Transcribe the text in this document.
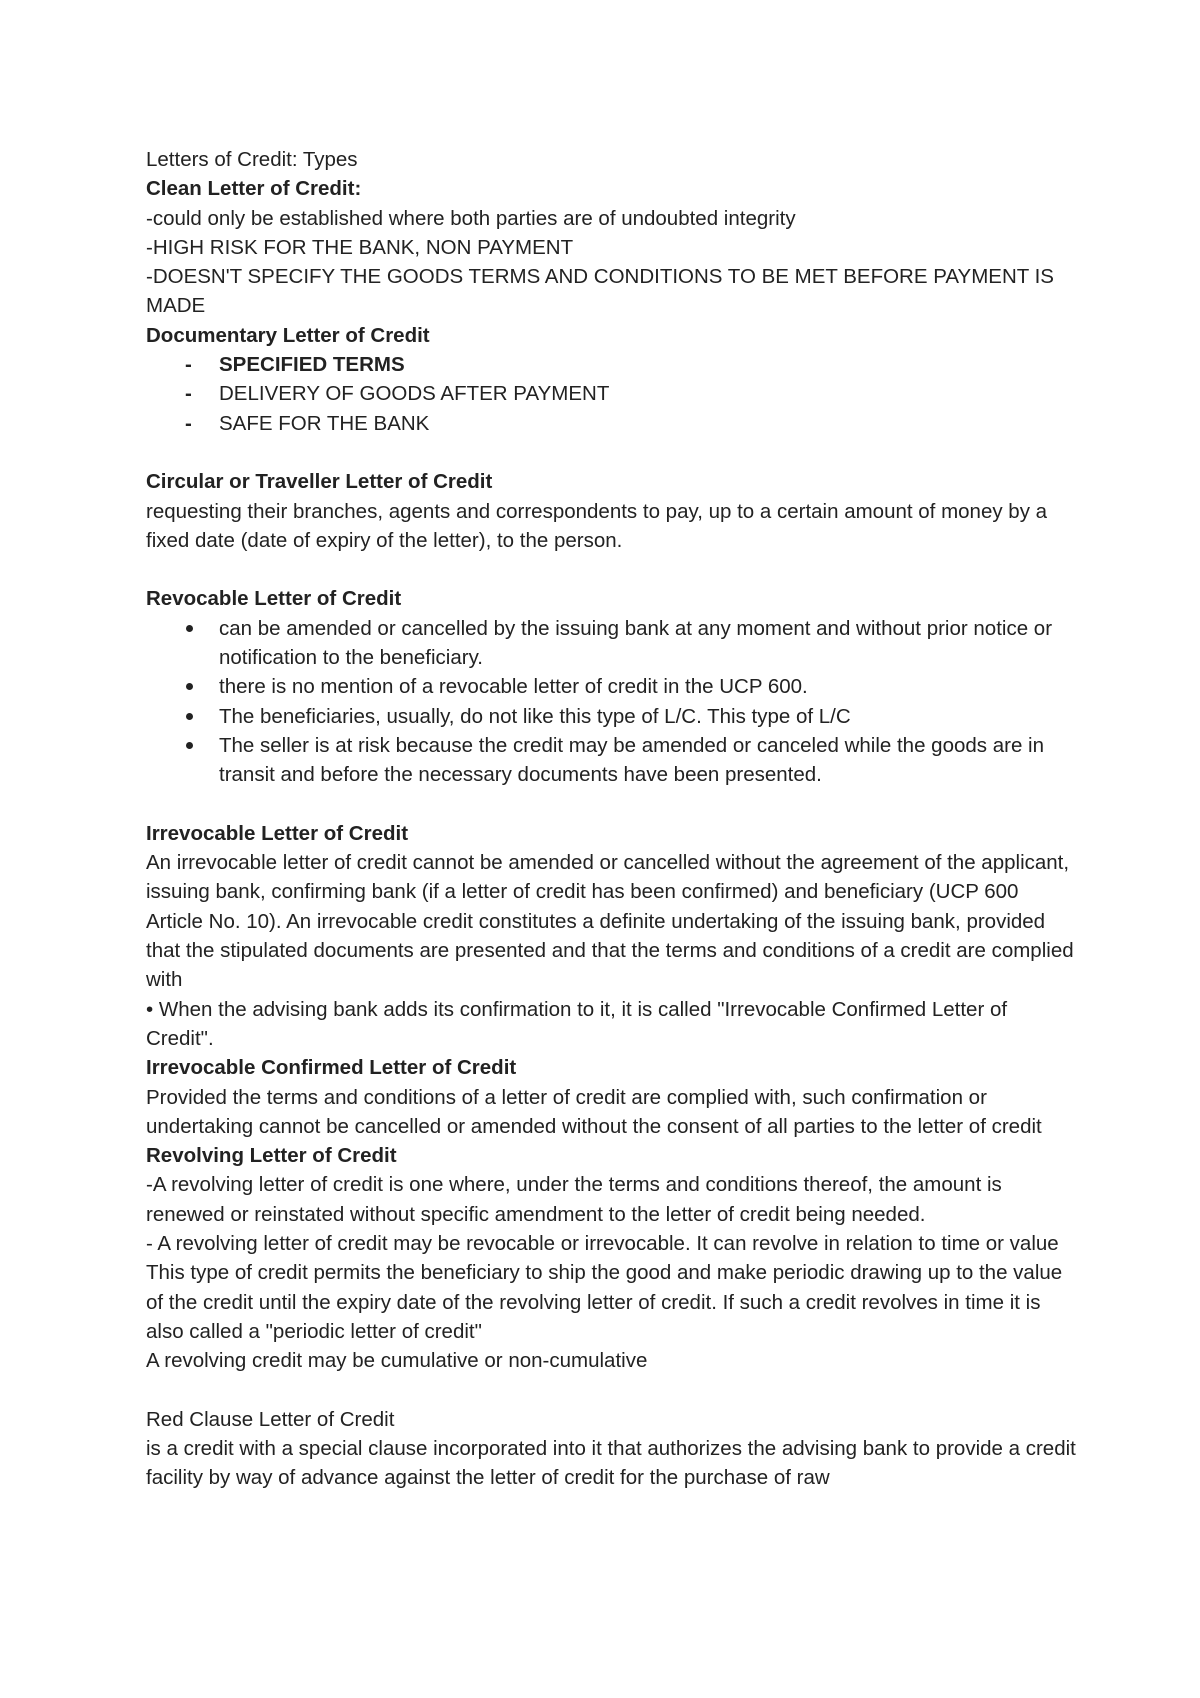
Letters of Credit: Types

Clean Letter of Credit:

-could only be established where both parties are of undoubted integrity

-HIGH RISK FOR THE BANK, NON PAYMENT

-DOESN'T SPECIFY THE GOODS TERMS AND CONDITIONS TO BE MET BEFORE PAYMENT IS MADE

Documentary Letter of Credit

- SPECIFIED TERMS
- DELIVERY OF GOODS AFTER PAYMENT
- SAFE FOR THE BANK

Circular or Traveller Letter of Credit

requesting their branches, agents and correspondents to pay, up to a certain amount of money by a fixed date (date of expiry of the letter), to the person.

Revocable Letter of Credit

can be amended or cancelled by the issuing bank at any moment and without prior notice or notification to the beneficiary.
there is no mention of a revocable letter of credit in the UCP 600.
The beneficiaries, usually, do not like this type of L/C. This type of L/C
The seller is at risk because the credit may be amended or canceled while the goods are in transit and before the necessary documents have been presented.

Irrevocable Letter of Credit

An irrevocable letter of credit cannot be amended or cancelled without the agreement of the applicant, issuing bank, confirming bank (if a letter of credit has been confirmed) and beneficiary (UCP 600 Article No. 10). An irrevocable credit constitutes a definite undertaking of the issuing bank, provided that the stipulated documents are presented and that the terms and conditions of a credit are complied with

• When the advising bank adds its confirmation to it, it is called "Irrevocable Confirmed Letter of Credit".

Irrevocable Confirmed Letter of Credit

Provided the terms and conditions of a letter of credit are complied with, such confirmation or undertaking cannot be cancelled or amended without the consent of all parties to the letter of credit

Revolving Letter of Credit

-A revolving letter of credit is one where, under the terms and conditions thereof, the amount is renewed or reinstated without specific amendment to the letter of credit being needed.

- A revolving letter of credit may be revocable or irrevocable. It can revolve in relation to time or value

This type of credit permits the beneficiary to ship the good and make periodic drawing up to the value of the credit until the expiry date of the revolving letter of credit. If such a credit revolves in time it is also called a "periodic letter of credit"

A revolving credit may be cumulative or non-cumulative

Red Clause Letter of Credit

is a credit with a special clause incorporated into it that authorizes the advising bank to provide a credit facility by way of advance against the letter of credit for the purchase of raw
